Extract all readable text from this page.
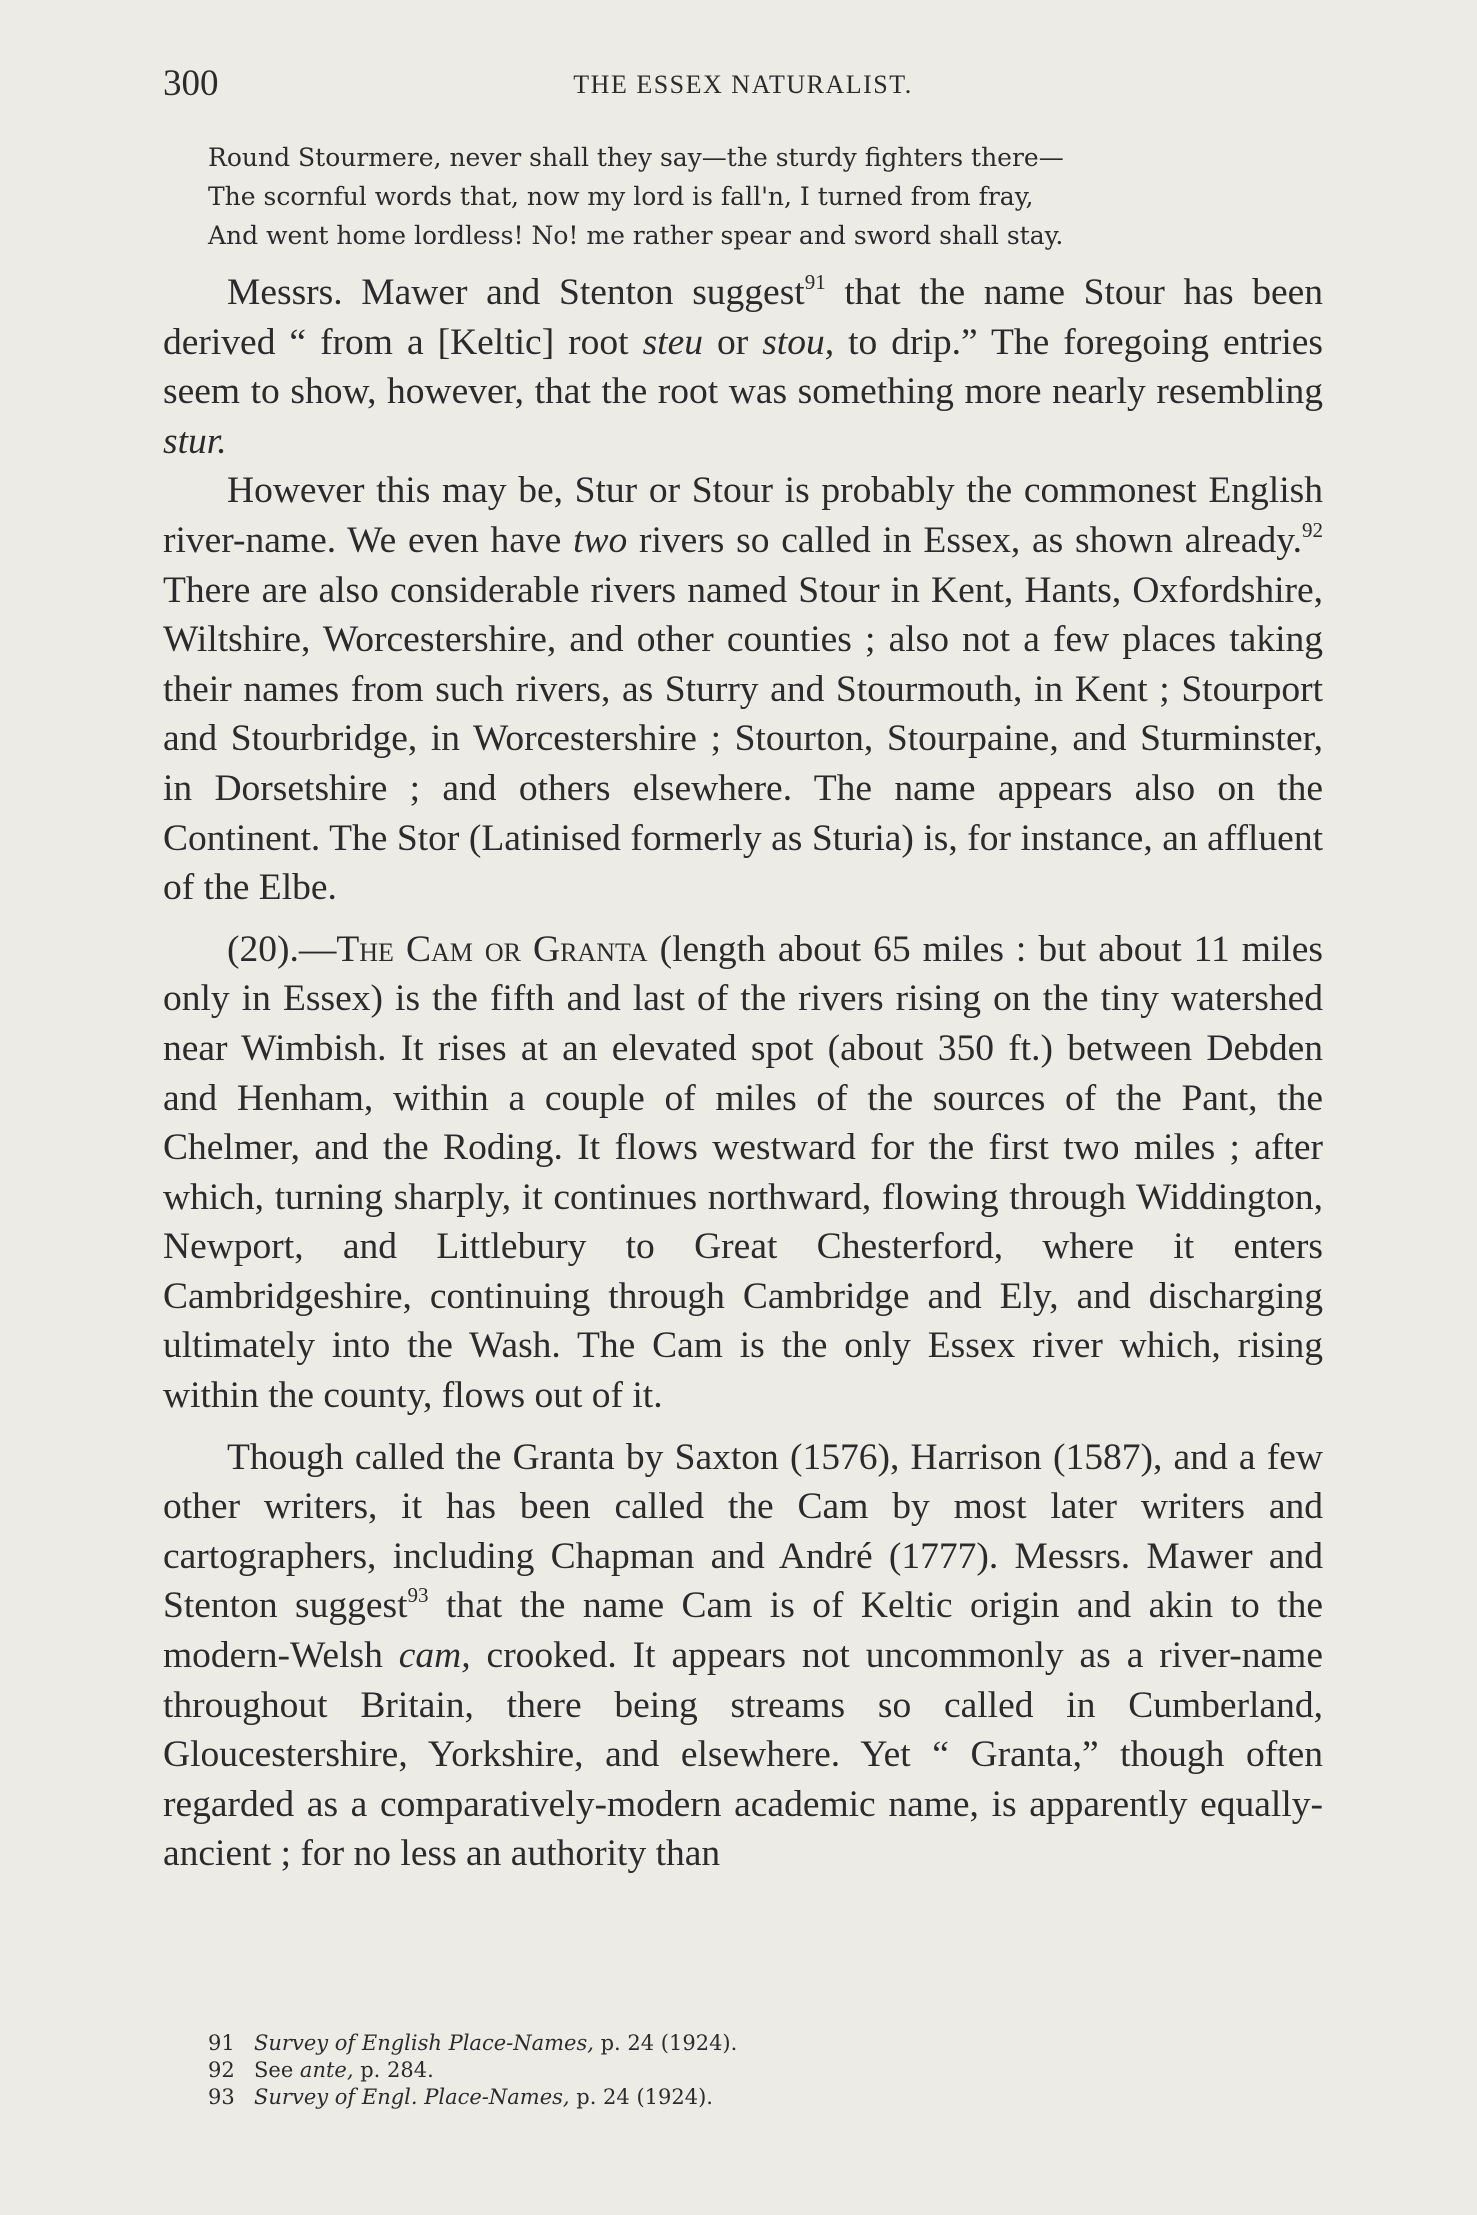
300	THE ESSEX NATURALIST.
Round Stourmere, never shall they say—the sturdy fighters there—
The scornful words that, now my lord is fall'n, I turned from fray,
And went home lordless! No! me rather spear and sword shall stay.

Messrs. Mawer and Stenton suggest$^{91}$ that the name Stour has been derived “ from a [Keltic] root steu or stou, to drip.” The foregoing entries seem to show, however, that the root was something more nearly resembling stur.

However this may be, Stur or Stour is probably the commonest English river-name. We even have two rivers so called in Essex, as shown already.$^{92}$ There are also considerable rivers named Stour in Kent, Hants, Oxfordshire, Wiltshire, Worcestershire, and other counties ; also not a few places taking their names from such rivers, as Sturry and Stourmouth, in Kent ; Stourport and Stourbridge, in Worcestershire ; Stourton, Stourpaine, and Sturminster, in Dorsetshire ; and others elsewhere. The name appears also on the Continent. The Stor (Latinised formerly as Sturia) is, for instance, an affluent of the Elbe.

(20).—The Cam or Granta (length about 65 miles : but about 11 miles only in Essex) is the fifth and last of the rivers rising on the tiny watershed near Wimbish. It rises at an elevated spot (about 350 ft.) between Debden and Henham, within a couple of miles of the sources of the Pant, the Chelmer, and the Roding. It flows westward for the first two miles ; after which, turning sharply, it continues northward, flowing through Widdington, Newport, and Littlebury to Great Chesterford, where it enters Cambridgeshire, continuing through Cambridge and Ely, and discharging ultimately into the Wash. The Cam is the only Essex river which, rising within the county, flows out of it.

Though called the Granta by Saxton (1576), Harrison (1587), and a few other writers, it has been called the Cam by most later writers and cartographers, including Chapman and André (1777). Messrs. Mawer and Stenton suggest$^{93}$ that the name Cam is of Keltic origin and akin to the modern-Welsh cam, crooked. It appears not uncommonly as a river-name throughout Britain, there being streams so called in Cumberland, Gloucestershire, Yorkshire, and elsewhere. Yet “ Granta,” though often regarded as a comparatively-modern academic name, is apparently equally-ancient ; for no less an authority than

91 Survey of English Place-Names, p. 24 (1924).
92 See ante, p. 284.
93 Survey of Engl. Place-Names, p. 24 (1924).
